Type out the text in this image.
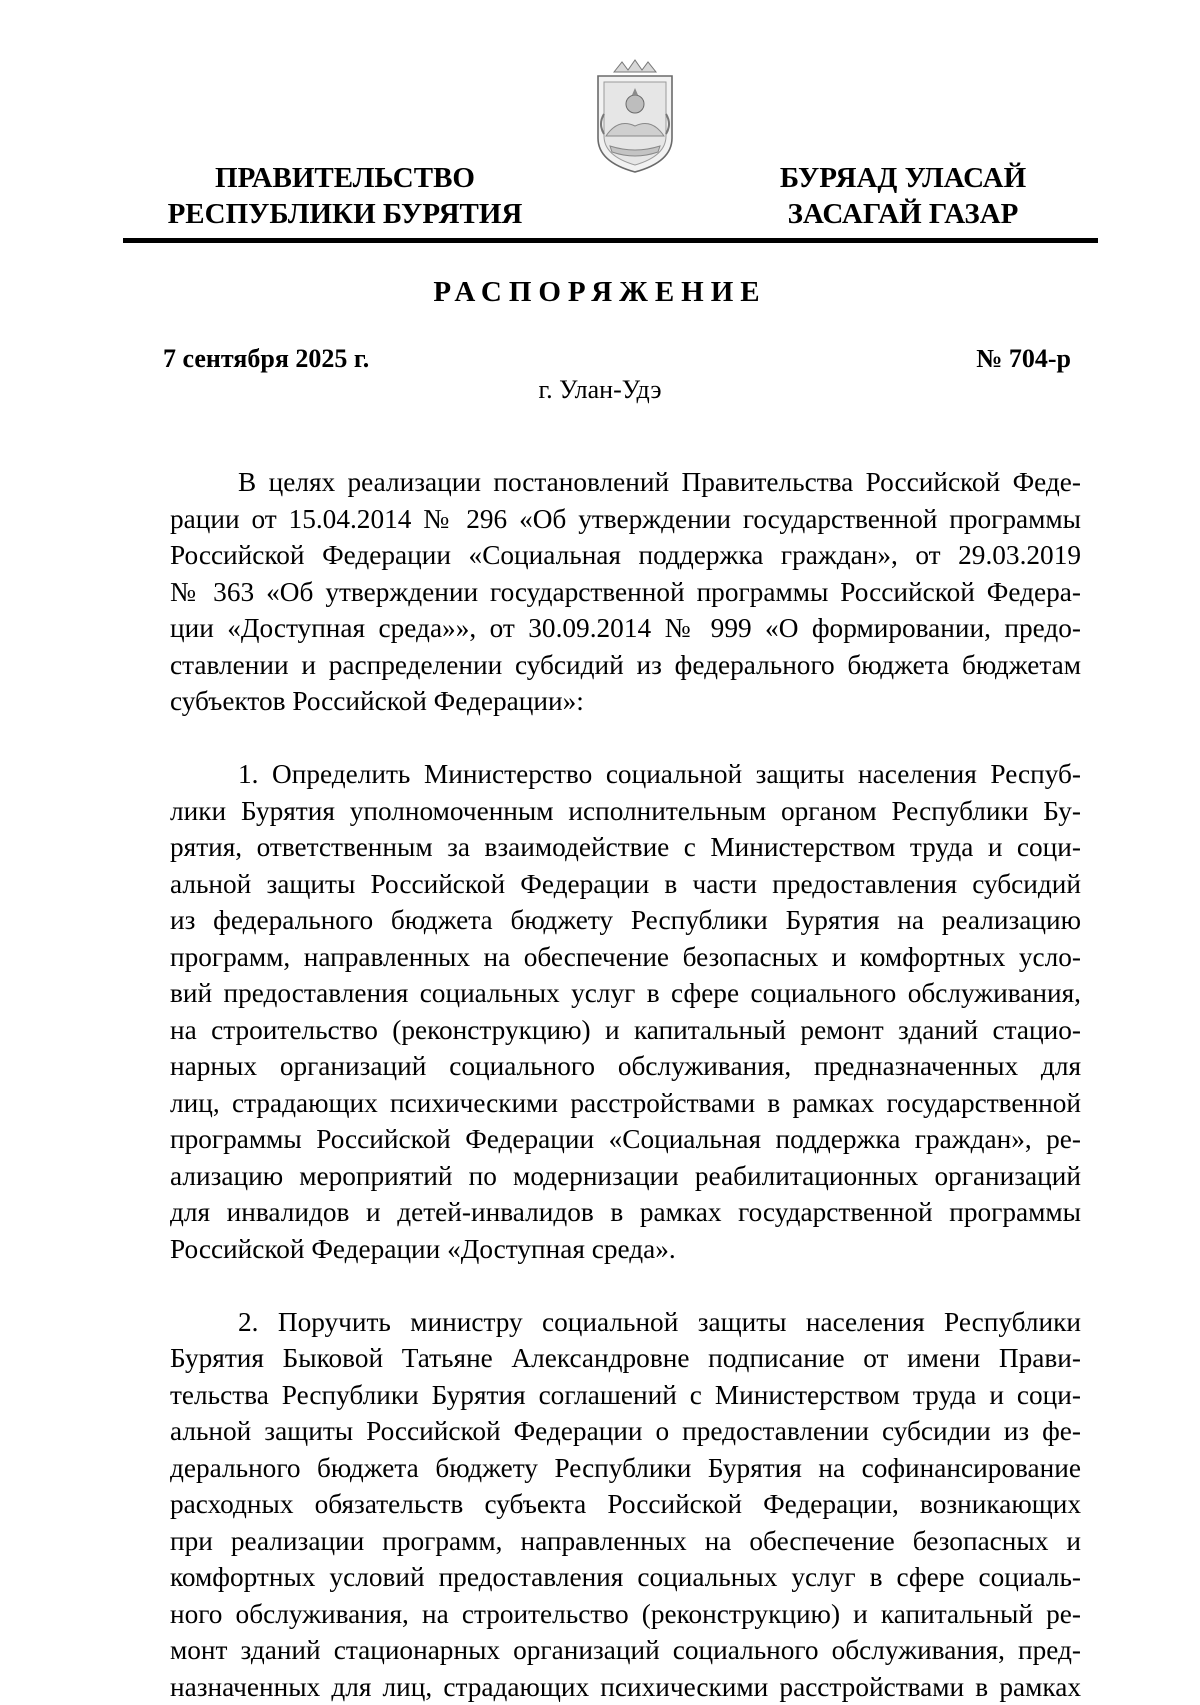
ПРАВИТЕЛЬСТВО
РЕСПУБЛИКИ БУРЯТИЯ
БУРЯАД УЛАСАЙ
ЗАСАГАЙ ГАЗАР
РАСПОРЯЖЕНИЕ
7 сентября 2025 г.	№ 704-р
г. Улан-Удэ
В целях реализации постановлений Правительства Российской Феде-
рации от 15.04.2014 № 296 «Об утверждении государственной программы
Российской Федерации «Социальная поддержка граждан», от 29.03.2019
№ 363 «Об утверждении государственной программы Российской Федера-
ции «Доступная среда»», от 30.09.2014 № 999 «О формировании, предо-
ставлении и распределении субсидий из федерального бюджета бюджетам
субъектов Российской Федерации»:
1. Определить Министерство социальной защиты населения Респуб-
лики Бурятия уполномоченным исполнительным органом Республики Бу-
рятия, ответственным за взаимодействие с Министерством труда и соци-
альной защиты Российской Федерации в части предоставления субсидий
из федерального бюджета бюджету Республики Бурятия на реализацию
программ, направленных на обеспечение безопасных и комфортных усло-
вий предоставления социальных услуг в сфере социального обслуживания,
на строительство (реконструкцию) и капитальный ремонт зданий стацио-
нарных организаций социального обслуживания, предназначенных для
лиц, страдающих психическими расстройствами в рамках государственной
программы Российской Федерации «Социальная поддержка граждан», ре-
ализацию мероприятий по модернизации реабилитационных организаций
для инвалидов и детей-инвалидов в рамках государственной программы
Российской Федерации «Доступная среда».
2. Поручить министру социальной защиты населения Республики
Бурятия Быковой Татьяне Александровне подписание от имени Прави-
тельства Республики Бурятия соглашений с Министерством труда и соци-
альной защиты Российской Федерации о предоставлении субсидии из фе-
дерального бюджета бюджету Республики Бурятия на софинансирование
расходных обязательств субъекта Российской Федерации, возникающих
при реализации программ, направленных на обеспечение безопасных и
комфортных условий предоставления социальных услуг в сфере социаль-
ного обслуживания, на строительство (реконструкцию) и капитальный ре-
монт зданий стационарных организаций социального обслуживания, пред-
назначенных для лиц, страдающих психическими расстройствами в рамках
